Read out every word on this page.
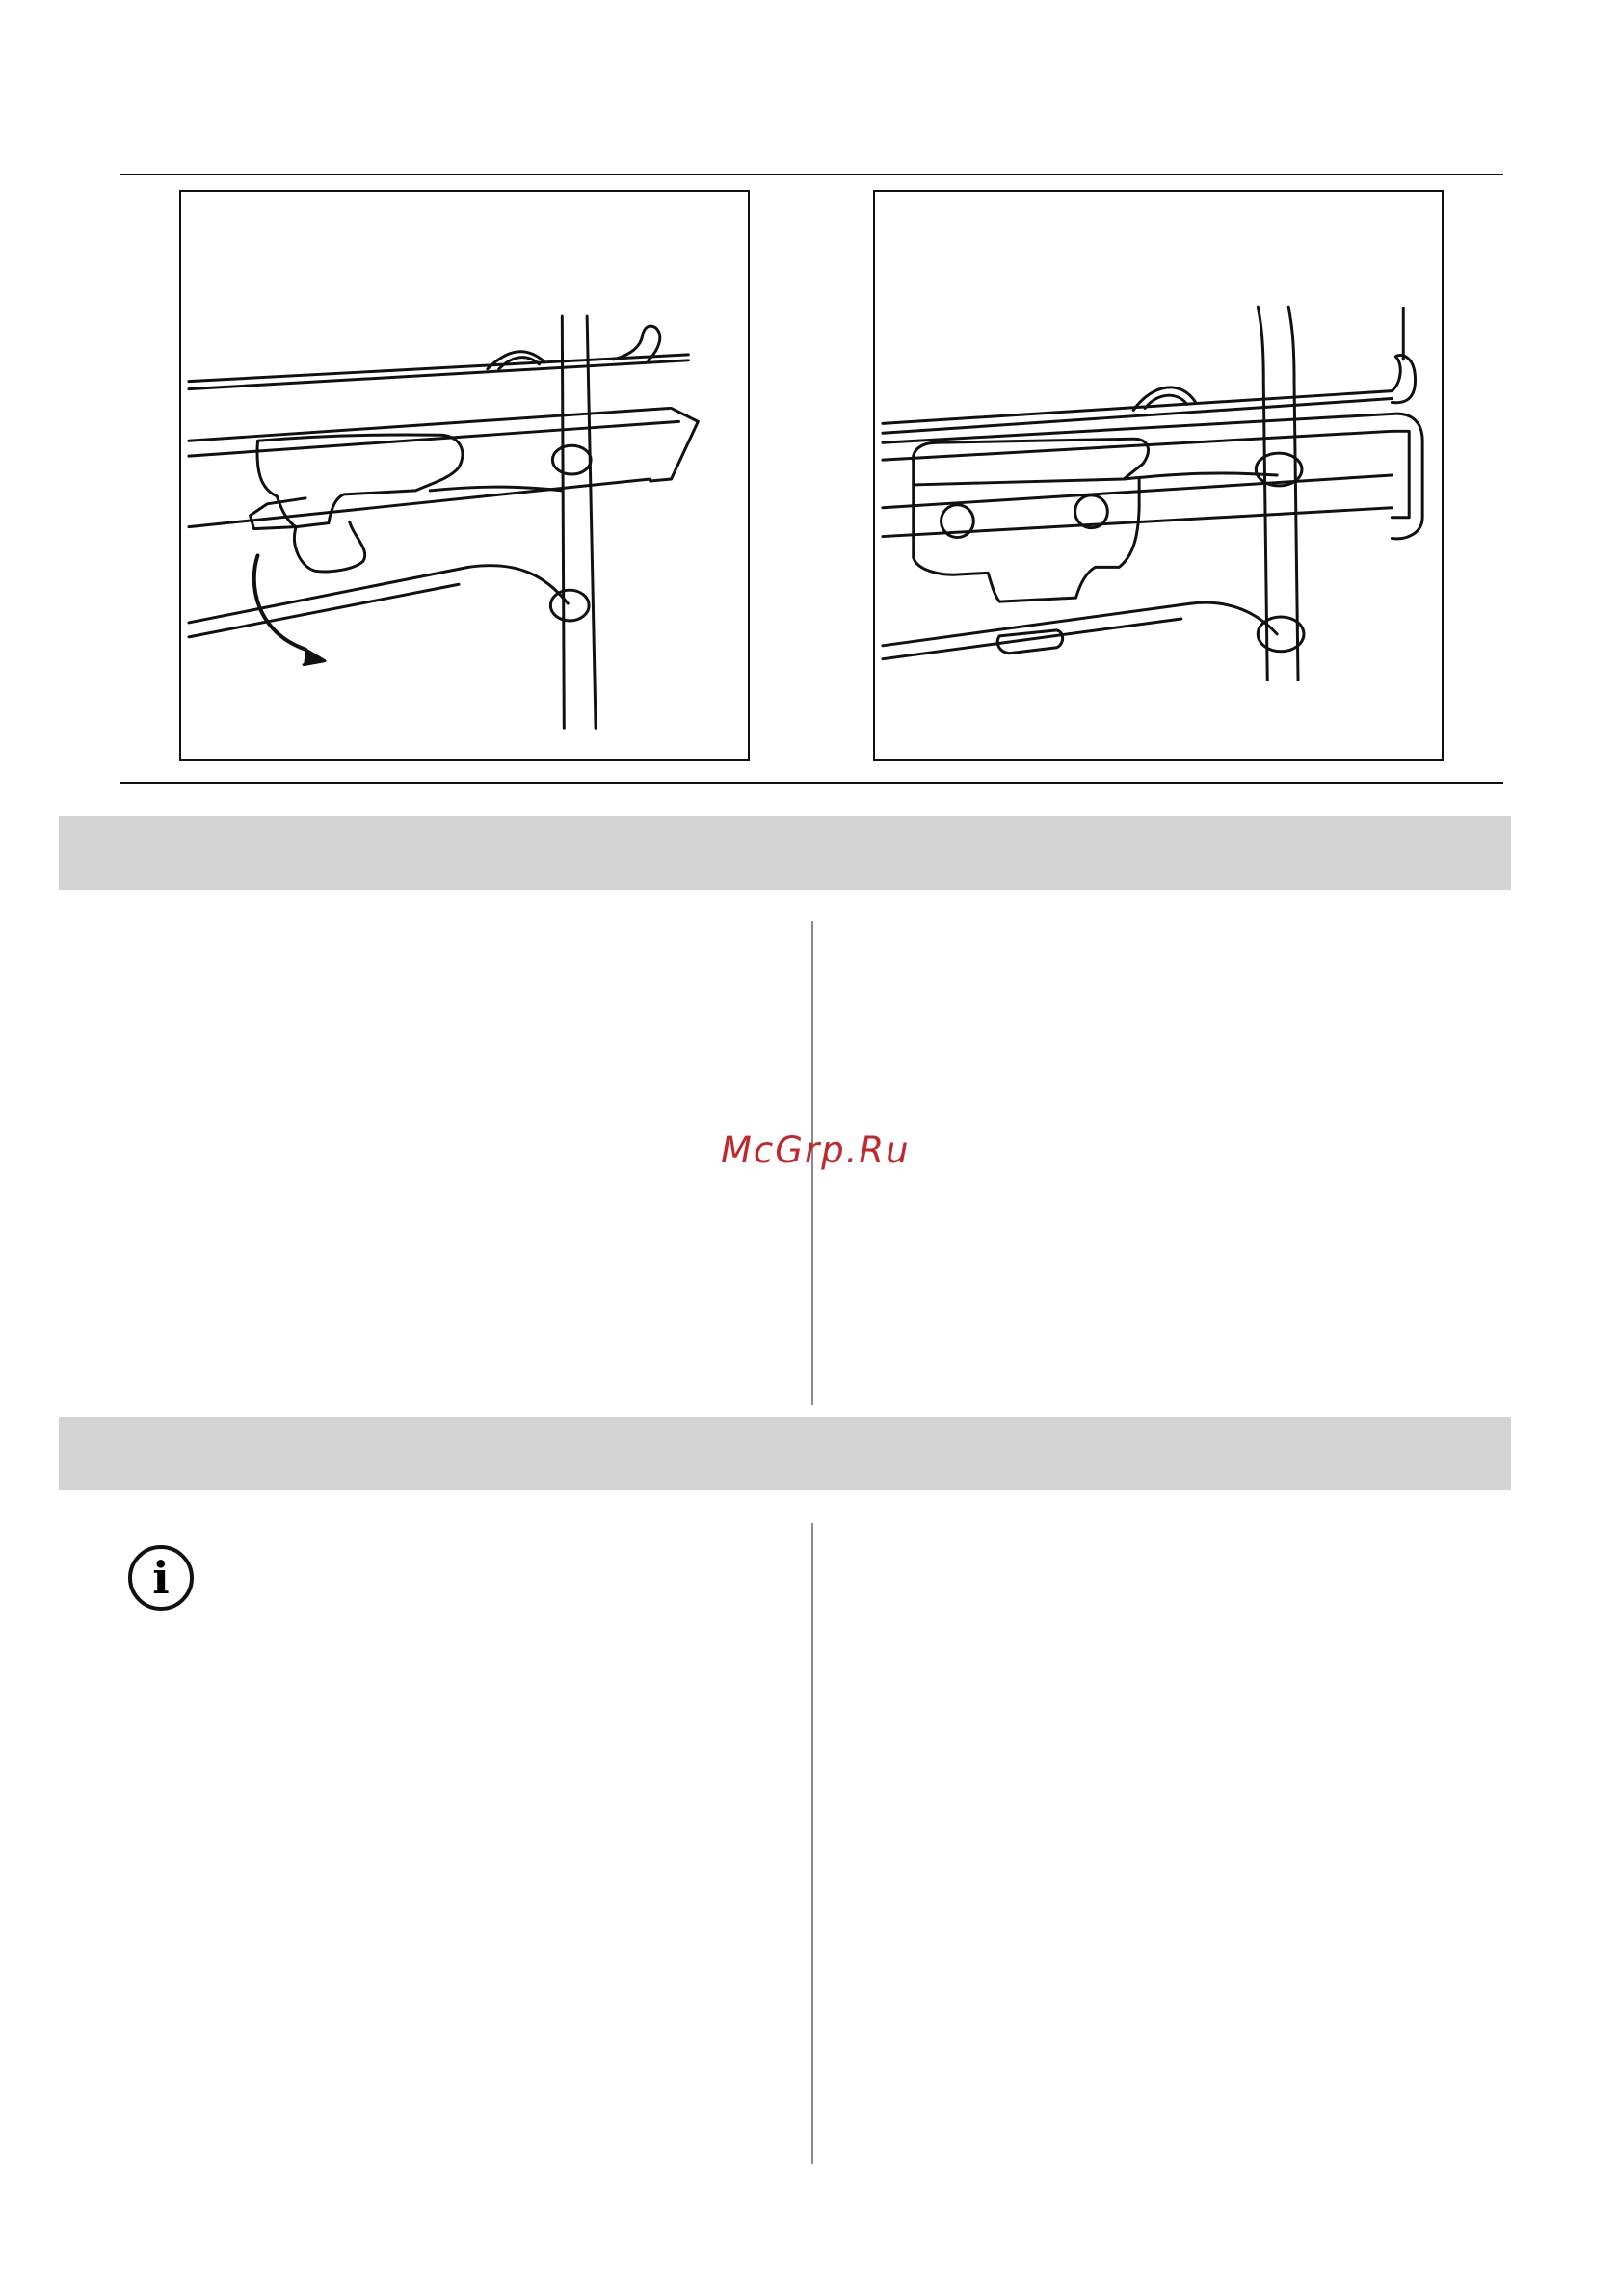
McGrp.Ru
i
